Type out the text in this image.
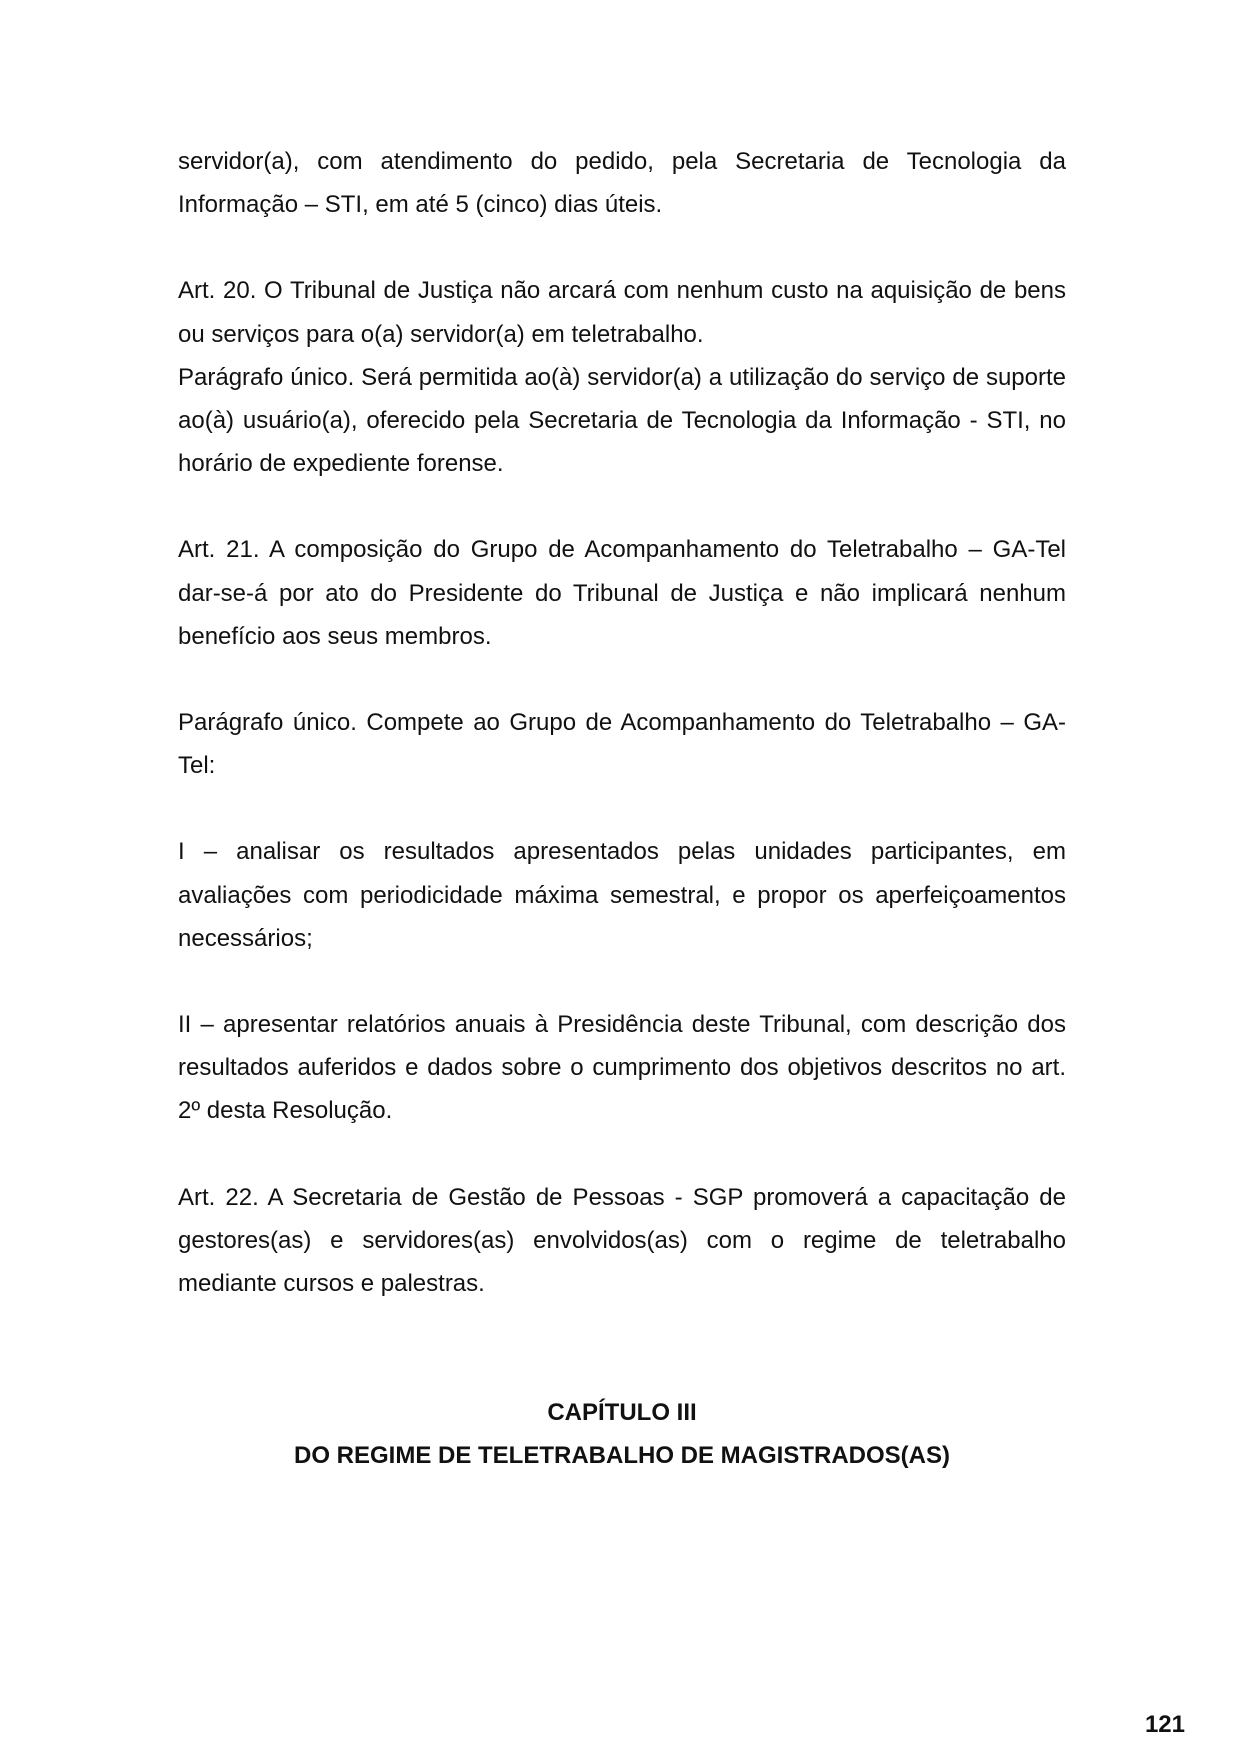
servidor(a), com atendimento do pedido, pela Secretaria de Tecnologia da Informação – STI, em até 5 (cinco) dias úteis.

Art. 20. O Tribunal de Justiça não arcará com nenhum custo na aquisição de bens ou serviços para o(a) servidor(a) em teletrabalho.

Parágrafo único. Será permitida ao(à) servidor(a) a utilização do serviço de suporte ao(à) usuário(a), oferecido pela Secretaria de Tecnologia da Informação - STI, no horário de expediente forense.

Art. 21. A composição do Grupo de Acompanhamento do Teletrabalho – GA-Tel dar-se-á por ato do Presidente do Tribunal de Justiça e não implicará nenhum benefício aos seus membros.

Parágrafo único. Compete ao Grupo de Acompanhamento do Teletrabalho – GA-Tel:

I – analisar os resultados apresentados pelas unidades participantes, em avaliações com periodicidade máxima semestral, e propor os aperfeiçoamentos necessários;

II – apresentar relatórios anuais à Presidência deste Tribunal, com descrição dos resultados auferidos e dados sobre o cumprimento dos objetivos descritos no art. 2º desta Resolução.

Art. 22. A Secretaria de Gestão de Pessoas - SGP promoverá a capacitação de gestores(as) e servidores(as) envolvidos(as) com o regime de teletrabalho mediante cursos e palestras.

CAPÍTULO III

DO REGIME DE TELETRABALHO DE MAGISTRADOS(AS)

121
